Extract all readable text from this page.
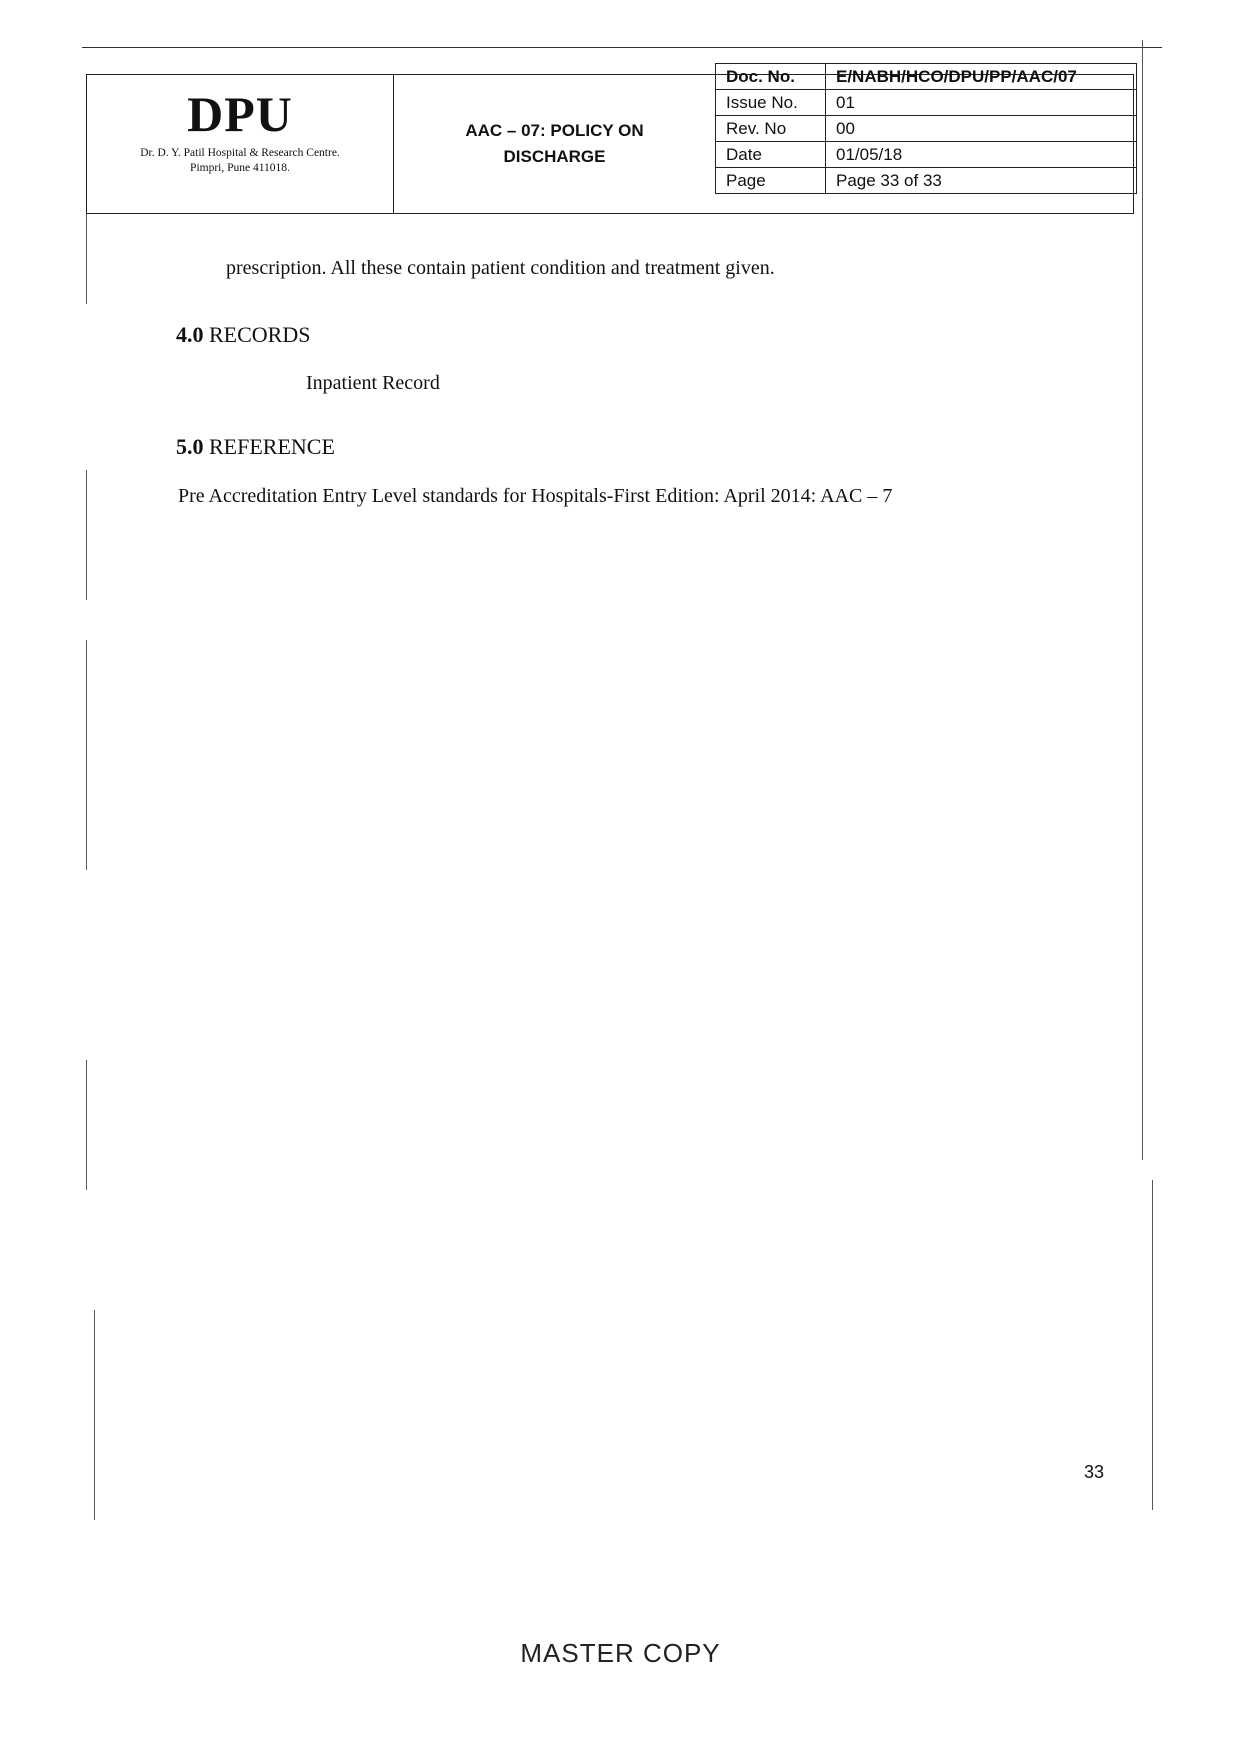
DPU
Dr. D. Y. Patil Hospital & Research Centre.
Pimpri, Pune 411018.
AAC – 07: POLICY ON
DISCHARGE
Doc. No.	E/NABH/HCO/DPU/PP/AAC/07
Issue No.	01
Rev. No	00
Date	01/05/18
Page	Page 33 of 33
prescription. All these contain patient condition and treatment given.
4.0 RECORDS
Inpatient Record
5.0 REFERENCE
Pre Accreditation Entry Level standards for Hospitals-First Edition: April 2014: AAC – 7
33
MASTER COPY
